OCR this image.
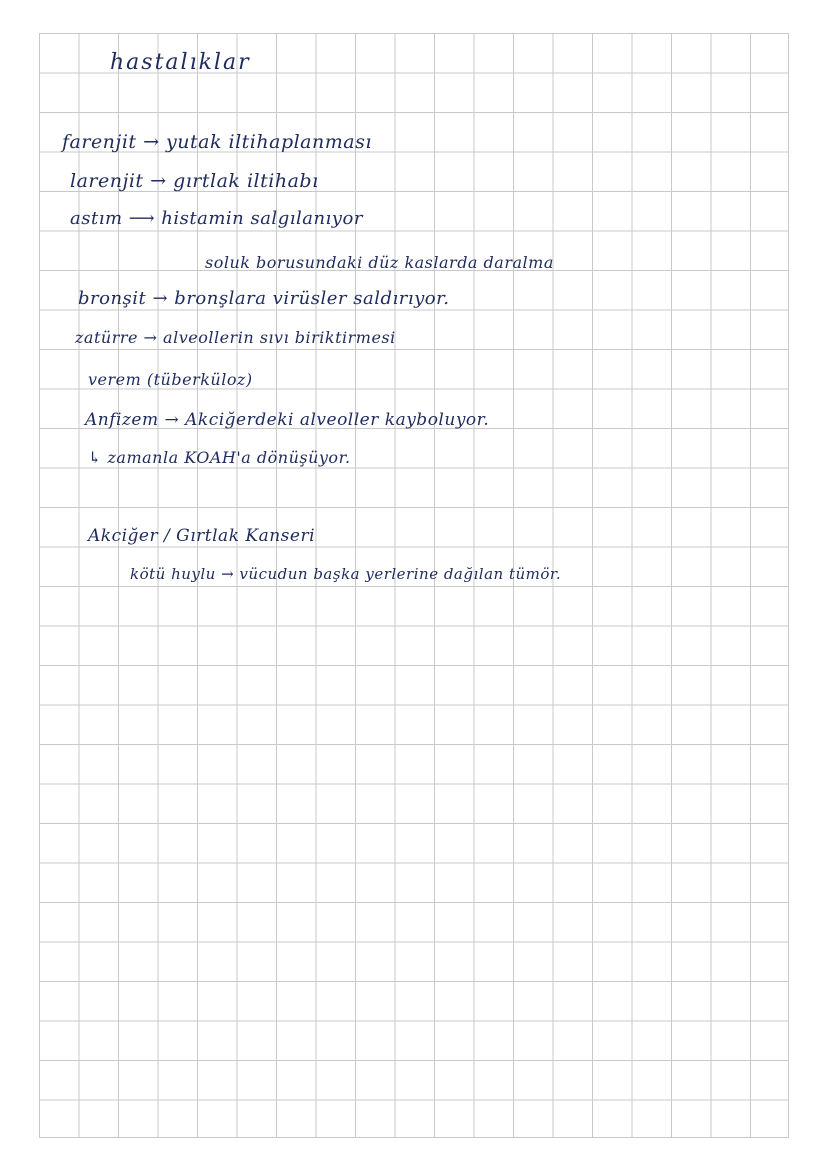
hastalıklar
farenjit → yutak iltihaplanması
larenjit → gırtlak iltihabı
astım ⟶ histamin salgılanıyor
soluk borusundaki düz kaslarda daralma
bronşit → bronşlara virüsler saldırıyor.
zatürre → alveollerin sıvı biriktirmesi
verem (tüberküloz)
Anfizem → Akciğerdeki alveoller kayboluyor.
↳ zamanla KOAH'a dönüşüyor.
Akciğer / Gırtlak Kanseri
kötü huylu → vücudun başka yerlerine dağılan tümör.
